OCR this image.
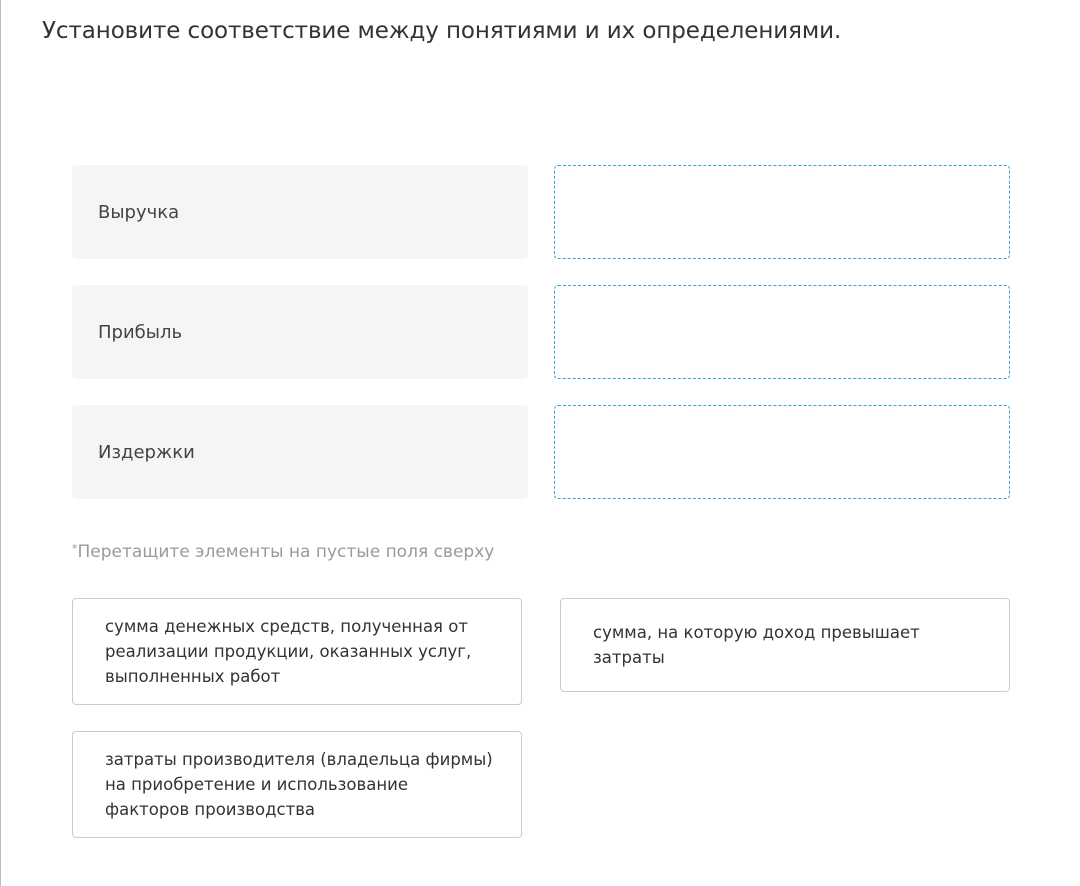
Установите соответствие между понятиями и их определениями.
Выручка
Прибыль
Издержки
*Перетащите элементы на пустые поля сверху
сумма денежных средств, полученная от
реализации продукции, оказанных услуг,
выполненных работ
сумма, на которую доход превышает
затраты
затраты производителя (владельца фирмы)
на приобретение и использование
факторов производства
